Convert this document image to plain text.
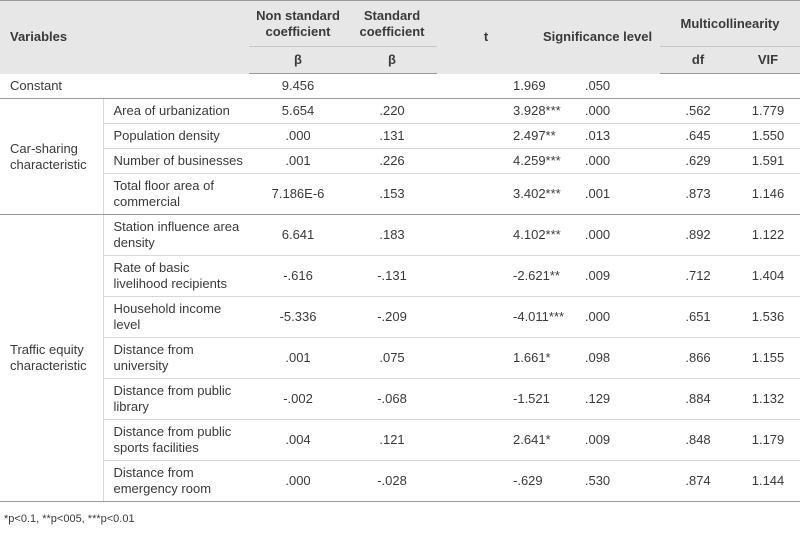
Variables		Non standard coefficient	Standard coefficient	t	Significance level	Multicollinearity	
		β	β			df	VIF
Constant		9.456		1.969	.050		
Car-sharing characteristic	Area of urbanization	5.654	.220	3.928***	.000	.562	1.779
	Population density	.000	.131	2.497**	.013	.645	1.550
	Number of businesses	.001	.226	4.259***	.000	.629	1.591
	Total floor area of commercial	7.186E-6	.153	3.402***	.001	.873	1.146
Traffic equity characteristic	Station influence area density	6.641	.183	4.102***	.000	.892	1.122
	Rate of basic livelihood recipients	-.616	-.131	-2.621**	.009	.712	1.404
	Household income level	-5.336	-.209	-4.011***	.000	.651	1.536
	Distance from university	.001	.075	1.661*	.098	.866	1.155
	Distance from public library	-.002	-.068	-1.521	.129	.884	1.132
	Distance from public sports facilities	.004	.121	2.641*	.009	.848	1.179
	Distance from emergency room	.000	-.028	-.629	.530	.874	1.144
*p<0.1, **p<005, ***p<0.01
